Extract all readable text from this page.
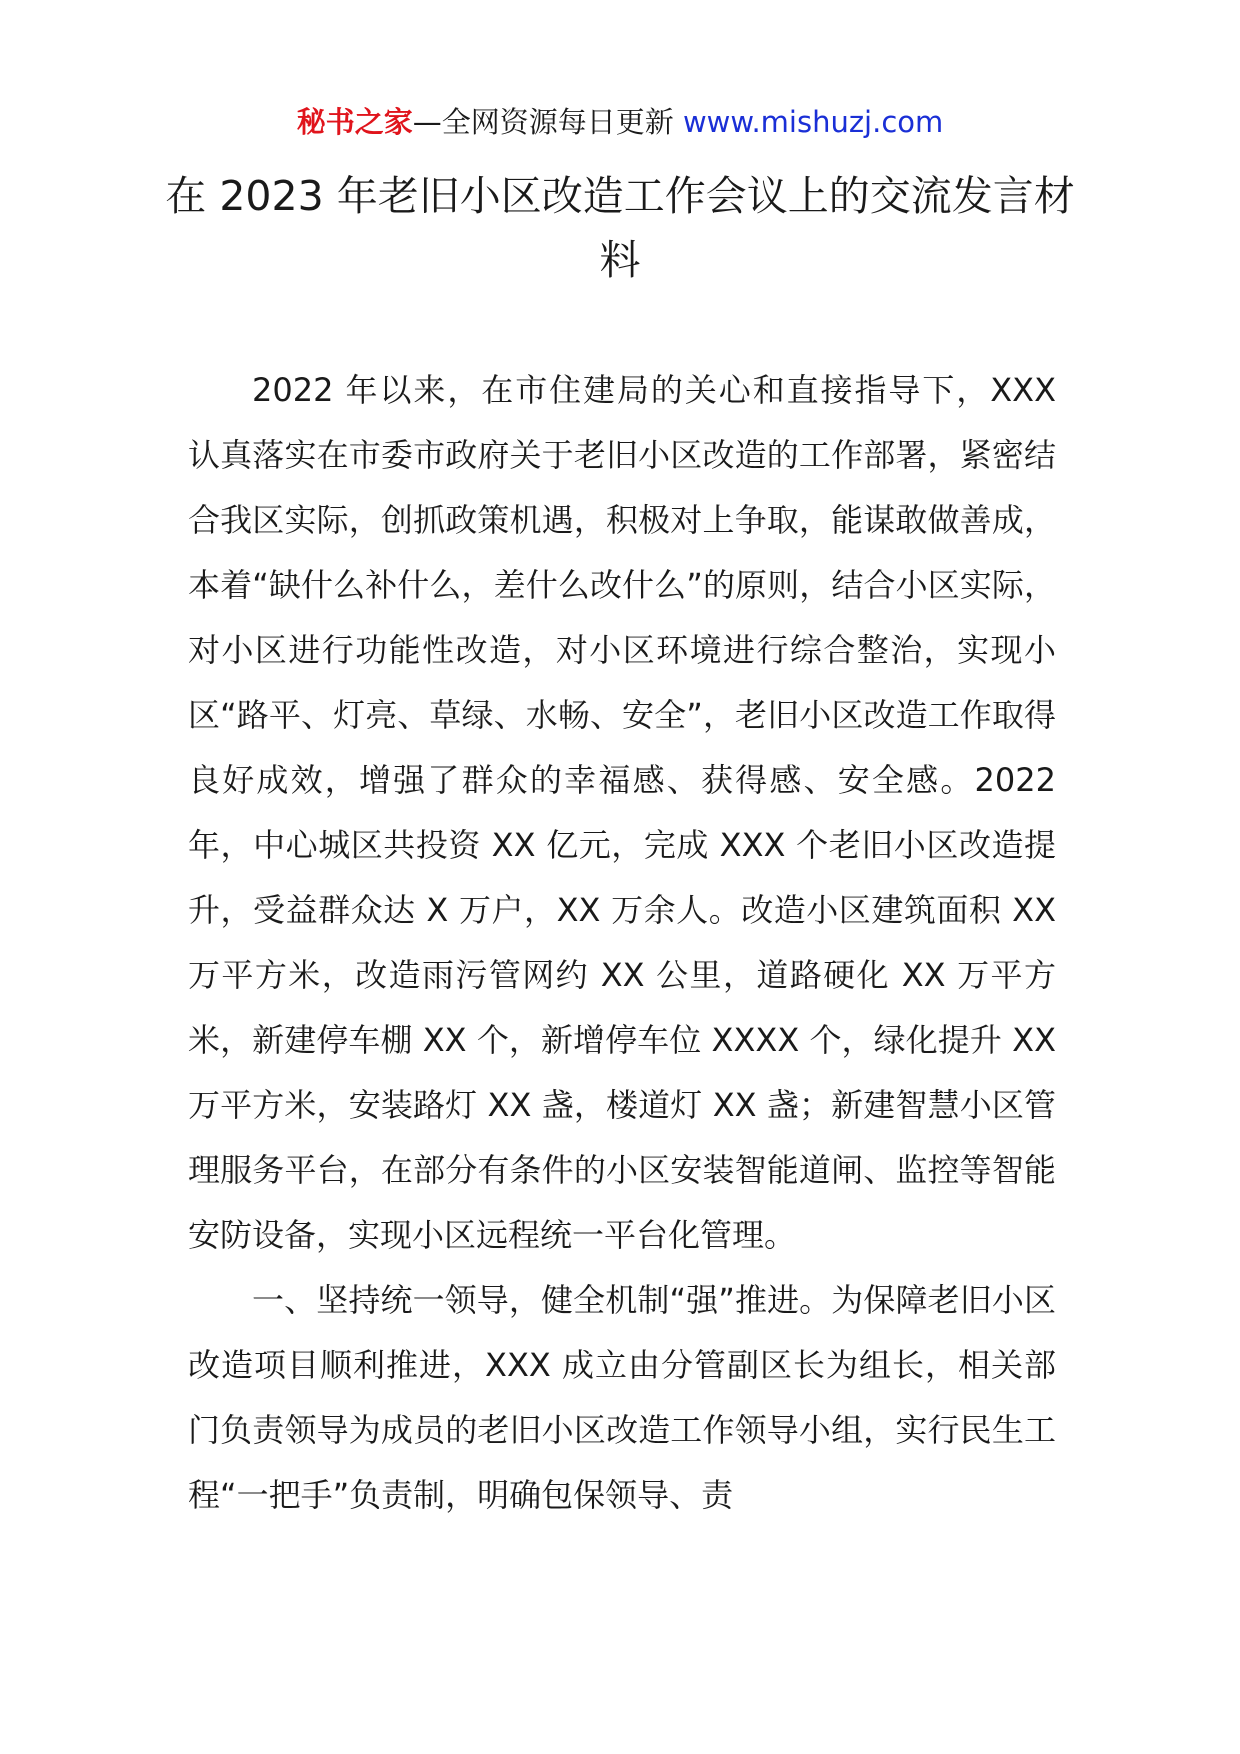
秘书之家—全网资源每日更新 www.mishuzj.com
在 2023 年老旧小区改造工作会议上的交流发言材料

2022 年以来，在市住建局的关心和直接指导下，XXX 认真落实在市委市政府关于老旧小区改造的工作部署，紧密结合我区实际，创抓政策机遇，积极对上争取，能谋敢做善成，本着“缺什么补什么，差什么改什么”的原则，结合小区实际，对小区进行功能性改造，对小区环境进行综合整治，实现小区“路平、灯亮、草绿、水畅、安全”，老旧小区改造工作取得良好成效，增强了群众的幸福感、获得感、安全感。2022 年，中心城区共投资 XX 亿元，完成 XXX 个老旧小区改造提升，受益群众达 X 万户，XX 万余人。改造小区建筑面积 XX 万平方米，改造雨污管网约 XX 公里，道路硬化 XX 万平方米，新建停车棚 XX 个，新增停车位 XXXX 个，绿化提升 XX 万平方米，安装路灯 XX 盏，楼道灯 XX 盏；新建智慧小区管理服务平台，在部分有条件的小区安装智能道闸、监控等智能安防设备，实现小区远程统一平台化管理。

一、坚持统一领导，健全机制“强”推进。为保障老旧小区改造项目顺利推进，XXX 成立由分管副区长为组长，相关部门负责领导为成员的老旧小区改造工作领导小组，实行民生工程“一把手”负责制，明确包保领导、责
